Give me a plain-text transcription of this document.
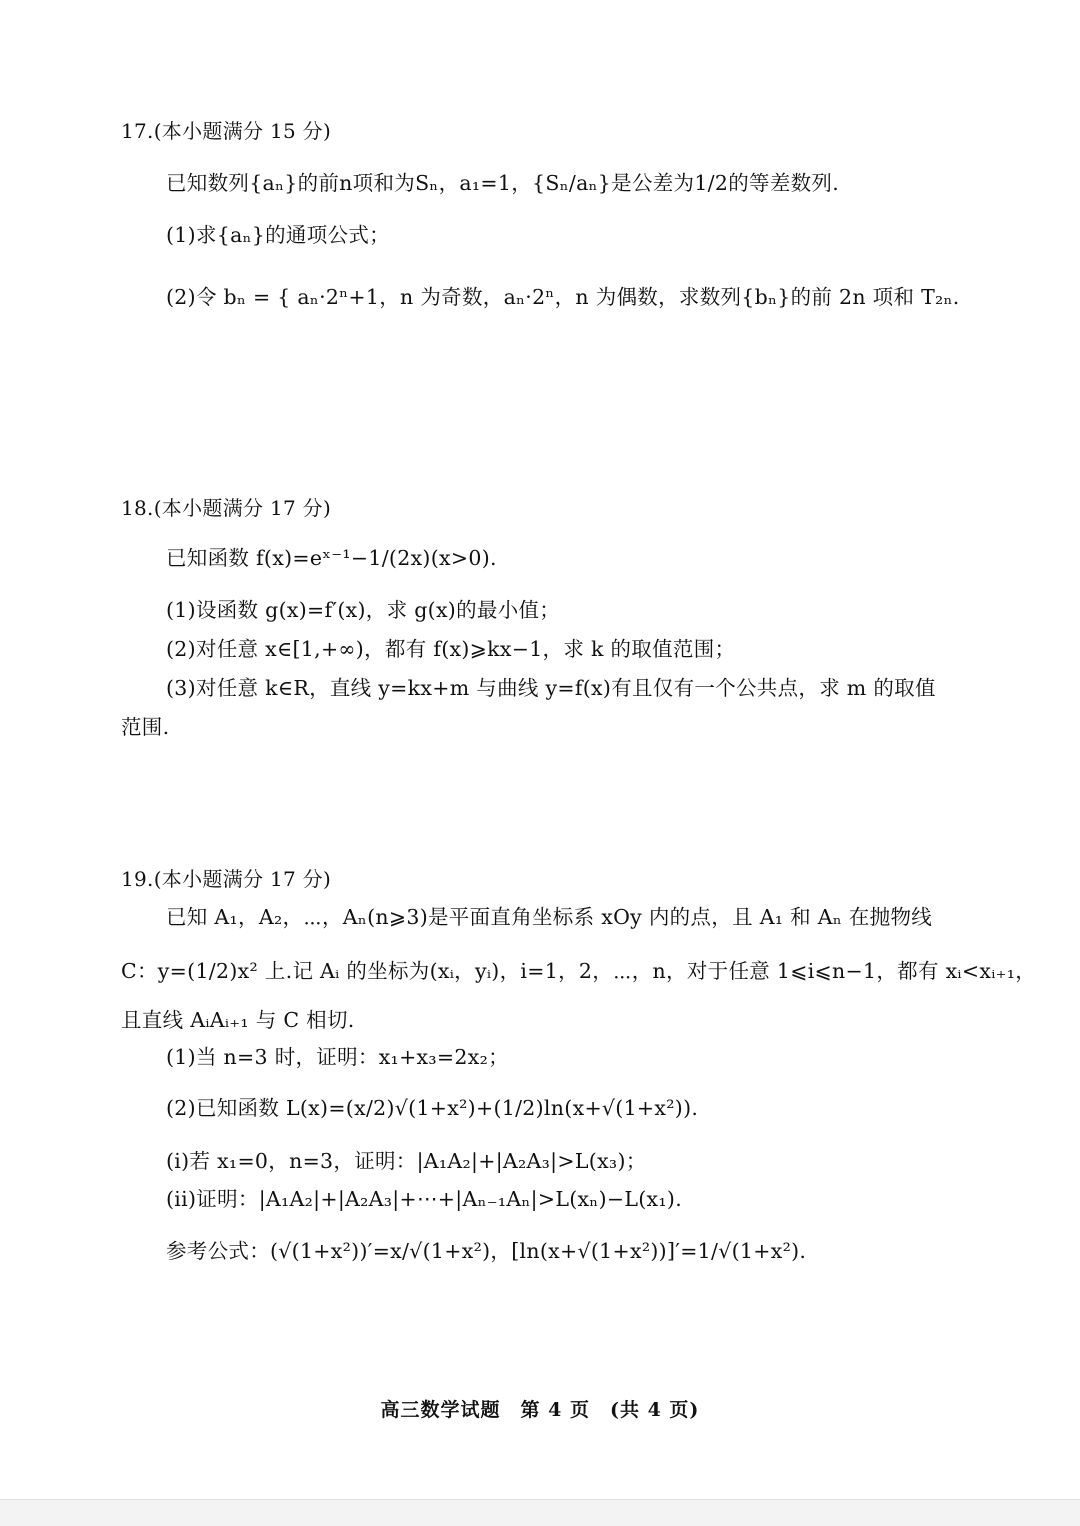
17.(本小题满分 15 分)
已知数列{aₙ}的前n项和为Sₙ，a₁=1，{Sₙ/aₙ}是公差为1/2的等差数列.
(1)求{aₙ}的通项公式；
(2)令 bₙ = { aₙ·2ⁿ+1，n 为奇数，aₙ·2ⁿ，n 为偶数，求数列{bₙ}的前 2n 项和 T₂ₙ.
18.(本小题满分 17 分)
已知函数 f(x)=eˣ⁻¹−1/(2x)(x>0).
(1)设函数 g(x)=f′(x)，求 g(x)的最小值；
(2)对任意 x∈[1,+∞)，都有 f(x)⩾kx−1，求 k 的取值范围；
(3)对任意 k∈R，直线 y=kx+m 与曲线 y=f(x)有且仅有一个公共点，求 m 的取值
范围.
19.(本小题满分 17 分)
已知 A₁，A₂，⋯，Aₙ(n⩾3)是平面直角坐标系 xOy 内的点，且 A₁ 和 Aₙ 在抛物线
C：y=(1/2)x² 上.记 Aᵢ 的坐标为(xᵢ，yᵢ)，i=1，2，⋯，n，对于任意 1⩽i⩽n−1，都有 xᵢ<xᵢ₊₁，
且直线 AᵢAᵢ₊₁ 与 C 相切.
(1)当 n=3 时，证明：x₁+x₃=2x₂；
(2)已知函数 L(x)=(x/2)√(1+x²)+(1/2)ln(x+√(1+x²)).
(i)若 x₁=0，n=3，证明：|A₁A₂|+|A₂A₃|>L(x₃)；
(ii)证明：|A₁A₂|+|A₂A₃|+⋯+|Aₙ₋₁Aₙ|>L(xₙ)−L(x₁).
参考公式：(√(1+x²))′=x/√(1+x²)，[ln(x+√(1+x²))]′=1/√(1+x²).
高三数学试题　第 4 页　(共 4 页)
